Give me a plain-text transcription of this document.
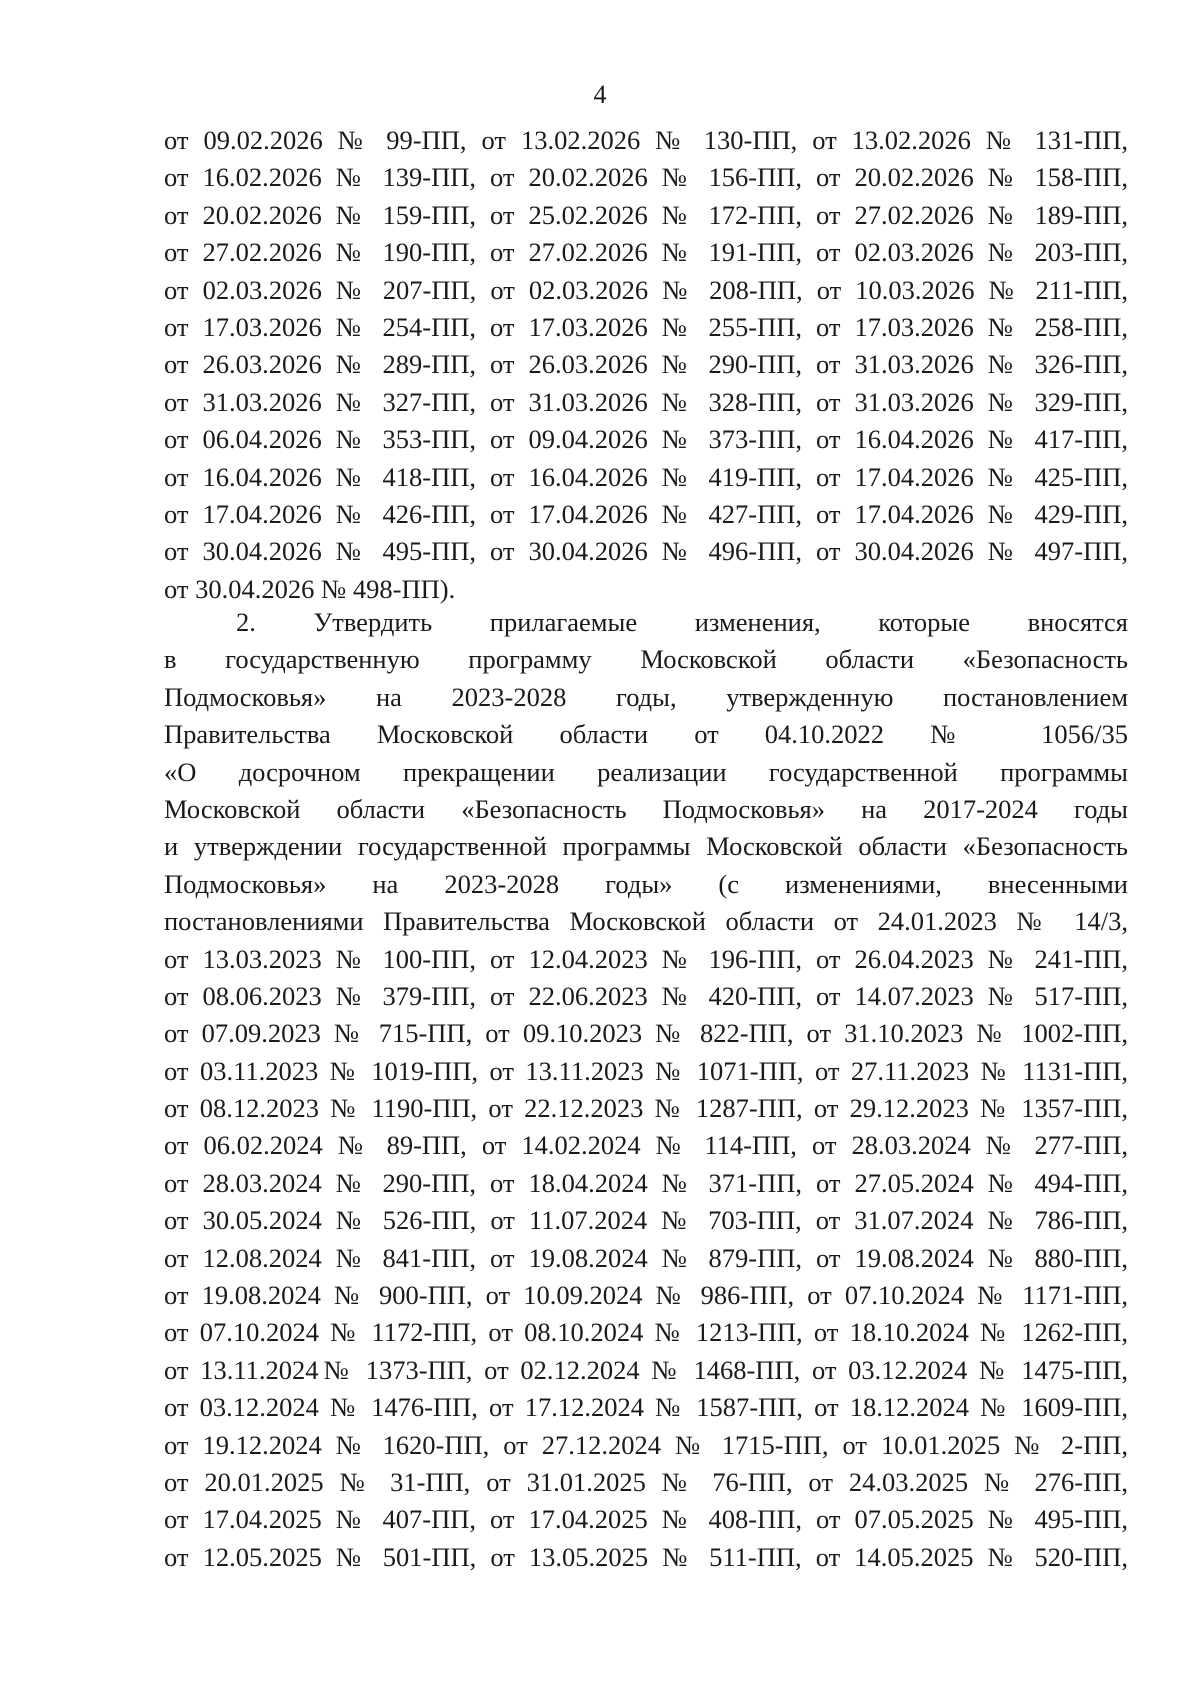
4
от 09.02.2026 № 99-ПП, от 13.02.2026 № 130-ПП, от 13.02.2026 № 131-ПП,
от 16.02.2026 № 139-ПП, от 20.02.2026 № 156-ПП, от 20.02.2026 № 158-ПП,
от 20.02.2026 № 159-ПП, от 25.02.2026 № 172-ПП, от 27.02.2026 № 189-ПП,
от 27.02.2026 № 190-ПП, от 27.02.2026 № 191-ПП, от 02.03.2026 № 203-ПП,
от 02.03.2026 № 207-ПП, от 02.03.2026 № 208-ПП, от 10.03.2026 № 211-ПП,
от 17.03.2026 № 254-ПП, от 17.03.2026 № 255-ПП, от 17.03.2026 № 258-ПП,
от 26.03.2026 № 289-ПП, от 26.03.2026 № 290-ПП, от 31.03.2026 № 326-ПП,
от 31.03.2026 № 327-ПП, от 31.03.2026 № 328-ПП, от 31.03.2026 № 329-ПП,
от 06.04.2026 № 353-ПП, от 09.04.2026 № 373-ПП, от 16.04.2026 № 417-ПП,
от 16.04.2026 № 418-ПП, от 16.04.2026 № 419-ПП, от 17.04.2026 № 425-ПП,
от 17.04.2026 № 426-ПП, от 17.04.2026 № 427-ПП, от 17.04.2026 № 429-ПП,
от 30.04.2026 № 495-ПП, от 30.04.2026 № 496-ПП, от 30.04.2026 № 497-ПП,
от 30.04.2026 № 498-ПП).
2. Утвердить прилагаемые изменения, которые вносятся
в государственную программу Московской области «Безопасность
Подмосковья» на 2023-2028 годы, утвержденную постановлением
Правительства Московской области от 04.10.2022 № 1056/35
«О досрочном прекращении реализации государственной программы
Московской области «Безопасность Подмосковья» на 2017-2024 годы
и утверждении государственной программы Московской области «Безопасность
Подмосковья» на 2023-2028 годы» (с изменениями, внесенными
постановлениями Правительства Московской области от 24.01.2023 № 14/3,
от 13.03.2023 № 100-ПП, от 12.04.2023 № 196-ПП, от 26.04.2023 № 241-ПП,
от 08.06.2023 № 379-ПП, от 22.06.2023 № 420-ПП, от 14.07.2023 № 517-ПП,
от 07.09.2023 № 715-ПП, от 09.10.2023 № 822-ПП, от 31.10.2023 № 1002-ПП,
от 03.11.2023 № 1019-ПП, от 13.11.2023 № 1071-ПП, от 27.11.2023 № 1131-ПП,
от 08.12.2023 № 1190-ПП, от 22.12.2023 № 1287-ПП, от 29.12.2023 № 1357-ПП,
от 06.02.2024 № 89-ПП, от 14.02.2024 № 114-ПП, от 28.03.2024 № 277-ПП,
от 28.03.2024 № 290-ПП, от 18.04.2024 № 371-ПП, от 27.05.2024 № 494-ПП,
от 30.05.2024 № 526-ПП, от 11.07.2024 № 703-ПП, от 31.07.2024 № 786-ПП,
от 12.08.2024 № 841-ПП, от 19.08.2024 № 879-ПП, от 19.08.2024 № 880-ПП,
от 19.08.2024 № 900-ПП, от 10.09.2024 № 986-ПП, от 07.10.2024 № 1171-ПП,
от 07.10.2024 № 1172-ПП, от 08.10.2024 № 1213-ПП, от 18.10.2024 № 1262-ПП,
от 13.11.2024№ 1373-ПП, от 02.12.2024 № 1468-ПП, от 03.12.2024 № 1475-ПП,
от 03.12.2024 № 1476-ПП, от 17.12.2024 № 1587-ПП, от 18.12.2024 № 1609-ПП,
от 19.12.2024 № 1620-ПП, от 27.12.2024 № 1715-ПП, от 10.01.2025 № 2-ПП,
от 20.01.2025 № 31-ПП, от 31.01.2025 № 76-ПП, от 24.03.2025 № 276-ПП,
от 17.04.2025 № 407-ПП, от 17.04.2025 № 408-ПП, от 07.05.2025 № 495-ПП,
от 12.05.2025 № 501-ПП, от 13.05.2025 № 511-ПП, от 14.05.2025 № 520-ПП,
